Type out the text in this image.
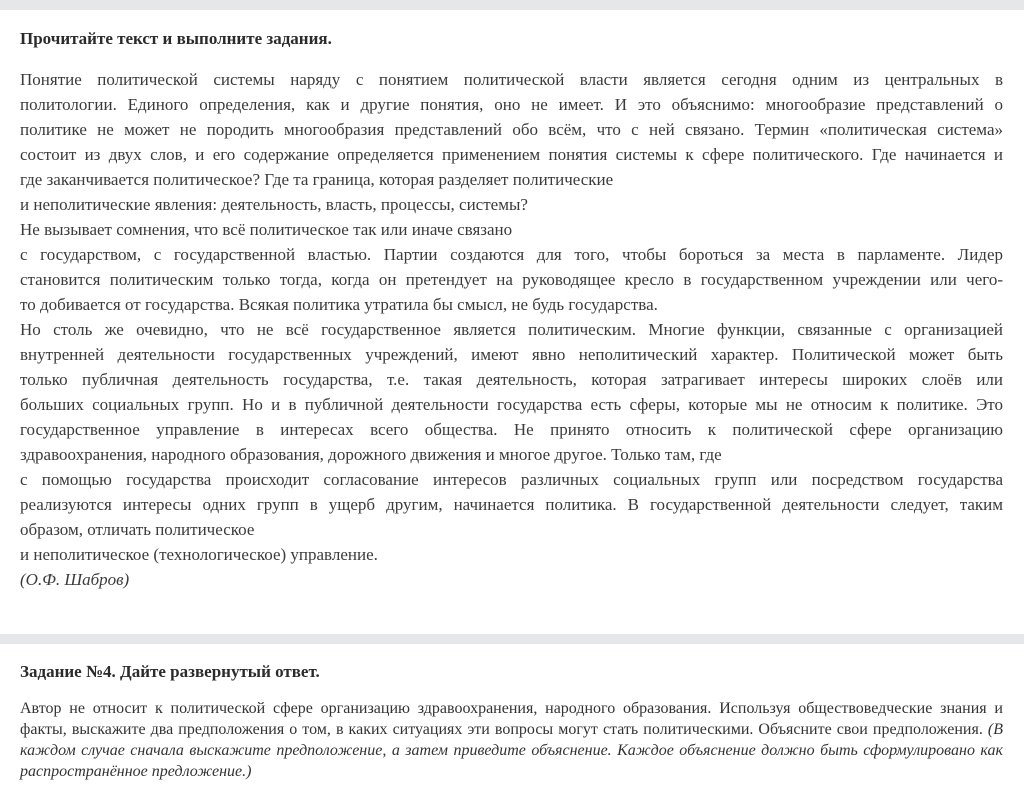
Прочитайте текст и выполните задания.

Понятие политической системы наряду с понятием политической власти является сегодня одним из центральных в

политологии. Единого определения, как и другие понятия, оно не имеет. И это объяснимо: многообразие представлений о

политике не может не породить многообразия представлений обо всём, что с ней связано. Термин «политическая система»

состоит из двух слов, и его содержание определяется применением понятия системы к сфере политического. Где начинается и

где заканчивается политическое? Где та граница, которая разделяет политические

и неполитические явления: деятельность, власть, процессы, системы?

Не вызывает сомнения, что всё политическое так или иначе связано

с государством, с государственной властью. Партии создаются для того, чтобы бороться за места в парламенте. Лидер

становится политическим только тогда, когда он претендует на руководящее кресло в государственном учреждении или чего-

то добивается от государства. Всякая политика утратила бы смысл, не будь государства.

Но столь же очевидно, что не всё государственное является политическим. Многие функции, связанные с организацией

внутренней деятельности государственных учреждений, имеют явно неполитический характер. Политической может быть

только публичная деятельность государства, т.е. такая деятельность, которая затрагивает интересы широких слоёв или

больших социальных групп. Но и в публичной деятельности государства есть сферы, которые мы не относим к политике. Это

государственное управление в интересах всего общества. Не принято относить к политической сфере организацию

здравоохранения, народного образования, дорожного движения и многое другое. Только там, где

с помощью государства происходит согласование интересов различных социальных групп или посредством государства

реализуются интересы одних групп в ущерб другим, начинается политика. В государственной деятельности следует, таким

образом, отличать политическое

и неполитическое (технологическое) управление.

(О.Ф. Шабров)

Задание №4. Дайте развернутый ответ.
Автор не относит к политической сфере организацию здравоохранения, народного образования. Используя обществоведческие знания и факты, выскажите два предположения о том, в каких ситуациях эти вопросы могут стать политическими. Объясните свои предположения. (В каждом случае сначала выскажите предположение, а затем приведите объяснение. Каждое объяснение должно быть сформулировано как распространённое предложение.)
